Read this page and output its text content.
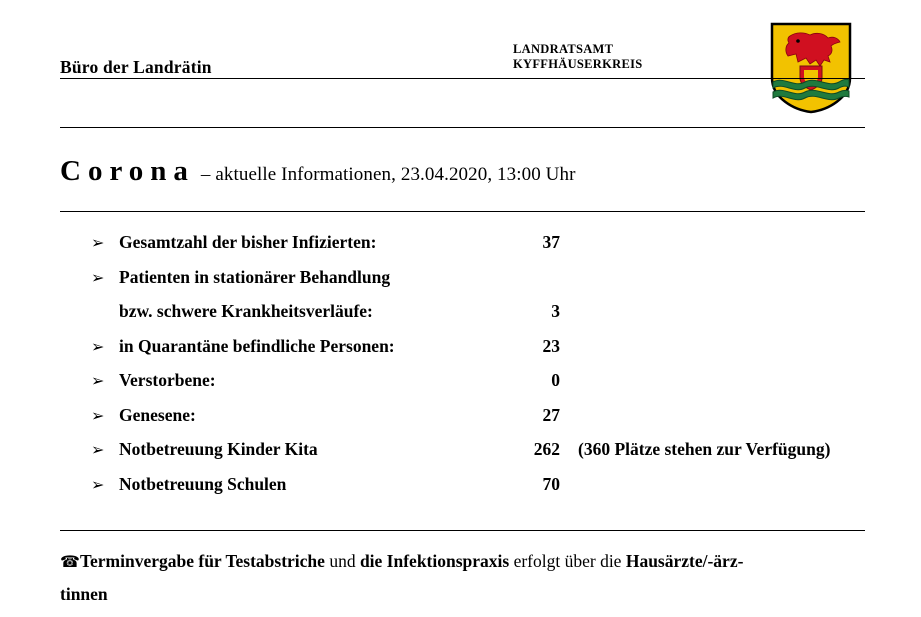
Büro der Landrätin
LANDRATSAMT
KYFFHÄUSERKREIS
Corona – aktuelle Informationen, 23.04.2020, 13:00 Uhr
➢ Gesamtzahl der bisher Infizierten:	37
➢ Patienten in stationärer Behandlung
bzw. schwere Krankheitsverläufe:	3
➢ in Quarantäne befindliche Personen:	23
➢ Verstorbene:	0
➢ Genesene:	27
➢ Notbetreuung Kinder Kita	262 (360 Plätze stehen zur Verfügung)
➢ Notbetreuung Schulen	70
☎Terminvergabe für Testabstriche und die Infektionspraxis erfolgt über die Hausärzte/-ärz-
tinnen
